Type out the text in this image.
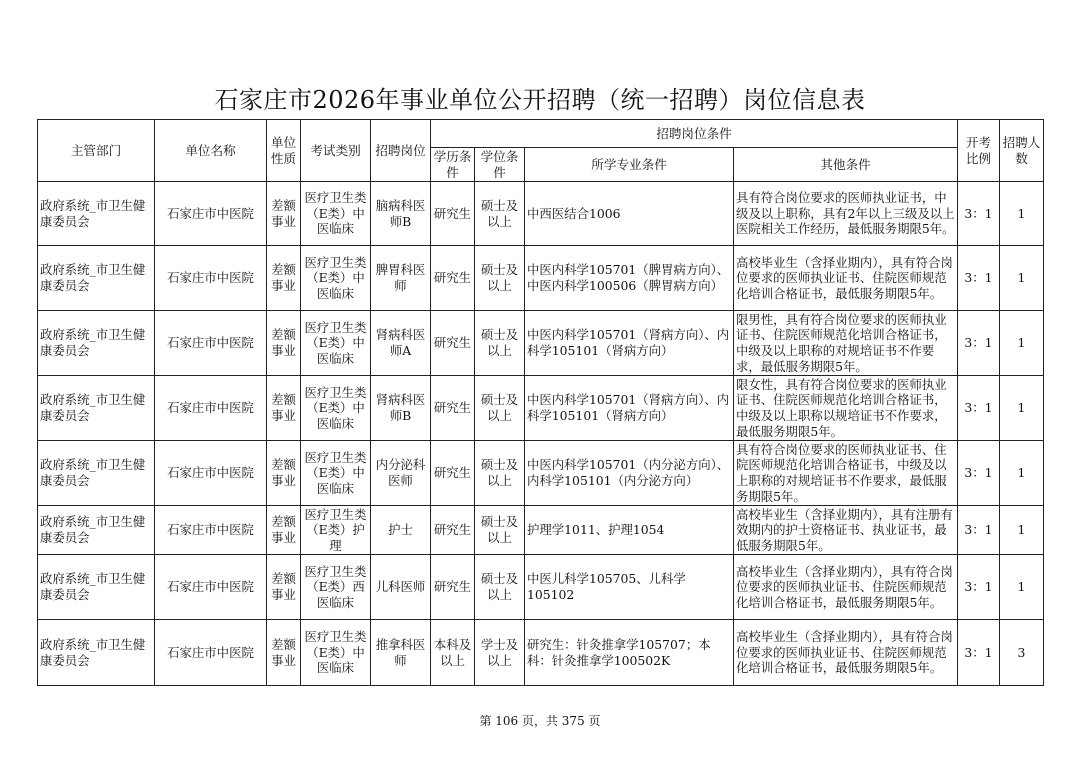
石家庄市2026年事业单位公开招聘（统一招聘）岗位信息表
主管部门	单位名称	单位性质	考试类别	招聘岗位	招聘岗位条件				开考比例	招聘人数
					学历条件	学位条件	所学专业条件	其他条件		
政府系统_市卫生健康委员会	石家庄市中医院	差额事业	医疗卫生类（E类）中医临床	脑病科医师B	研究生	硕士及以上	中西医结合1006	具有符合岗位要求的医师执业证书，中级及以上职称，具有2年以上三级及以上医院相关工作经历，最低服务期限5年。	3：1	1
政府系统_市卫生健康委员会	石家庄市中医院	差额事业	医疗卫生类（E类）中医临床	脾胃科医师	研究生	硕士及以上	中医内科学105701（脾胃病方向）、中医内科学100506（脾胃病方向）	高校毕业生（含择业期内），具有符合岗位要求的医师执业证书、住院医师规范化培训合格证书，最低服务期限5年。	3：1	1
政府系统_市卫生健康委员会	石家庄市中医院	差额事业	医疗卫生类（E类）中医临床	肾病科医师A	研究生	硕士及以上	中医内科学105701（肾病方向）、内科学105101（肾病方向）	限男性，具有符合岗位要求的医师执业证书、住院医师规范化培训合格证书，中级及以上职称的对规培证书不作要求，最低服务期限5年。	3：1	1
政府系统_市卫生健康委员会	石家庄市中医院	差额事业	医疗卫生类（E类）中医临床	肾病科医师B	研究生	硕士及以上	中医内科学105701（肾病方向）、内科学105101（肾病方向）	限女性，具有符合岗位要求的医师执业证书、住院医师规范化培训合格证书，中级及以上职称以规培证书不作要求，最低服务期限5年。	3：1	1
政府系统_市卫生健康委员会	石家庄市中医院	差额事业	医疗卫生类（E类）中医临床	内分泌科医师	研究生	硕士及以上	中医内科学105701（内分泌方向）、内科学105101（内分泌方向）	具有符合岗位要求的医师执业证书、住院医师规范化培训合格证书，中级及以上职称的对规培证书不作要求，最低服务期限5年。	3：1	1
政府系统_市卫生健康委员会	石家庄市中医院	差额事业	医疗卫生类（E类）护理	护士	研究生	硕士及以上	护理学1011、护理1054	高校毕业生（含择业期内），具有注册有效期内的护士资格证书、执业证书，最低服务期限5年。	3：1	1
政府系统_市卫生健康委员会	石家庄市中医院	差额事业	医疗卫生类（E类）西医临床	儿科医师	研究生	硕士及以上	中医儿科学105705、儿科学105102	高校毕业生（含择业期内），具有符合岗位要求的医师执业证书、住院医师规范化培训合格证书，最低服务期限5年。	3：1	1
政府系统_市卫生健康委员会	石家庄市中医院	差额事业	医疗卫生类（E类）中医临床	推拿科医师	本科及以上	学士及以上	研究生：针灸推拿学105707；本科：针灸推拿学100502K	高校毕业生（含择业期内），具有符合岗位要求的医师执业证书、住院医师规范化培训合格证书，最低服务期限5年。	3：1	3
第 106 页，共 375 页
